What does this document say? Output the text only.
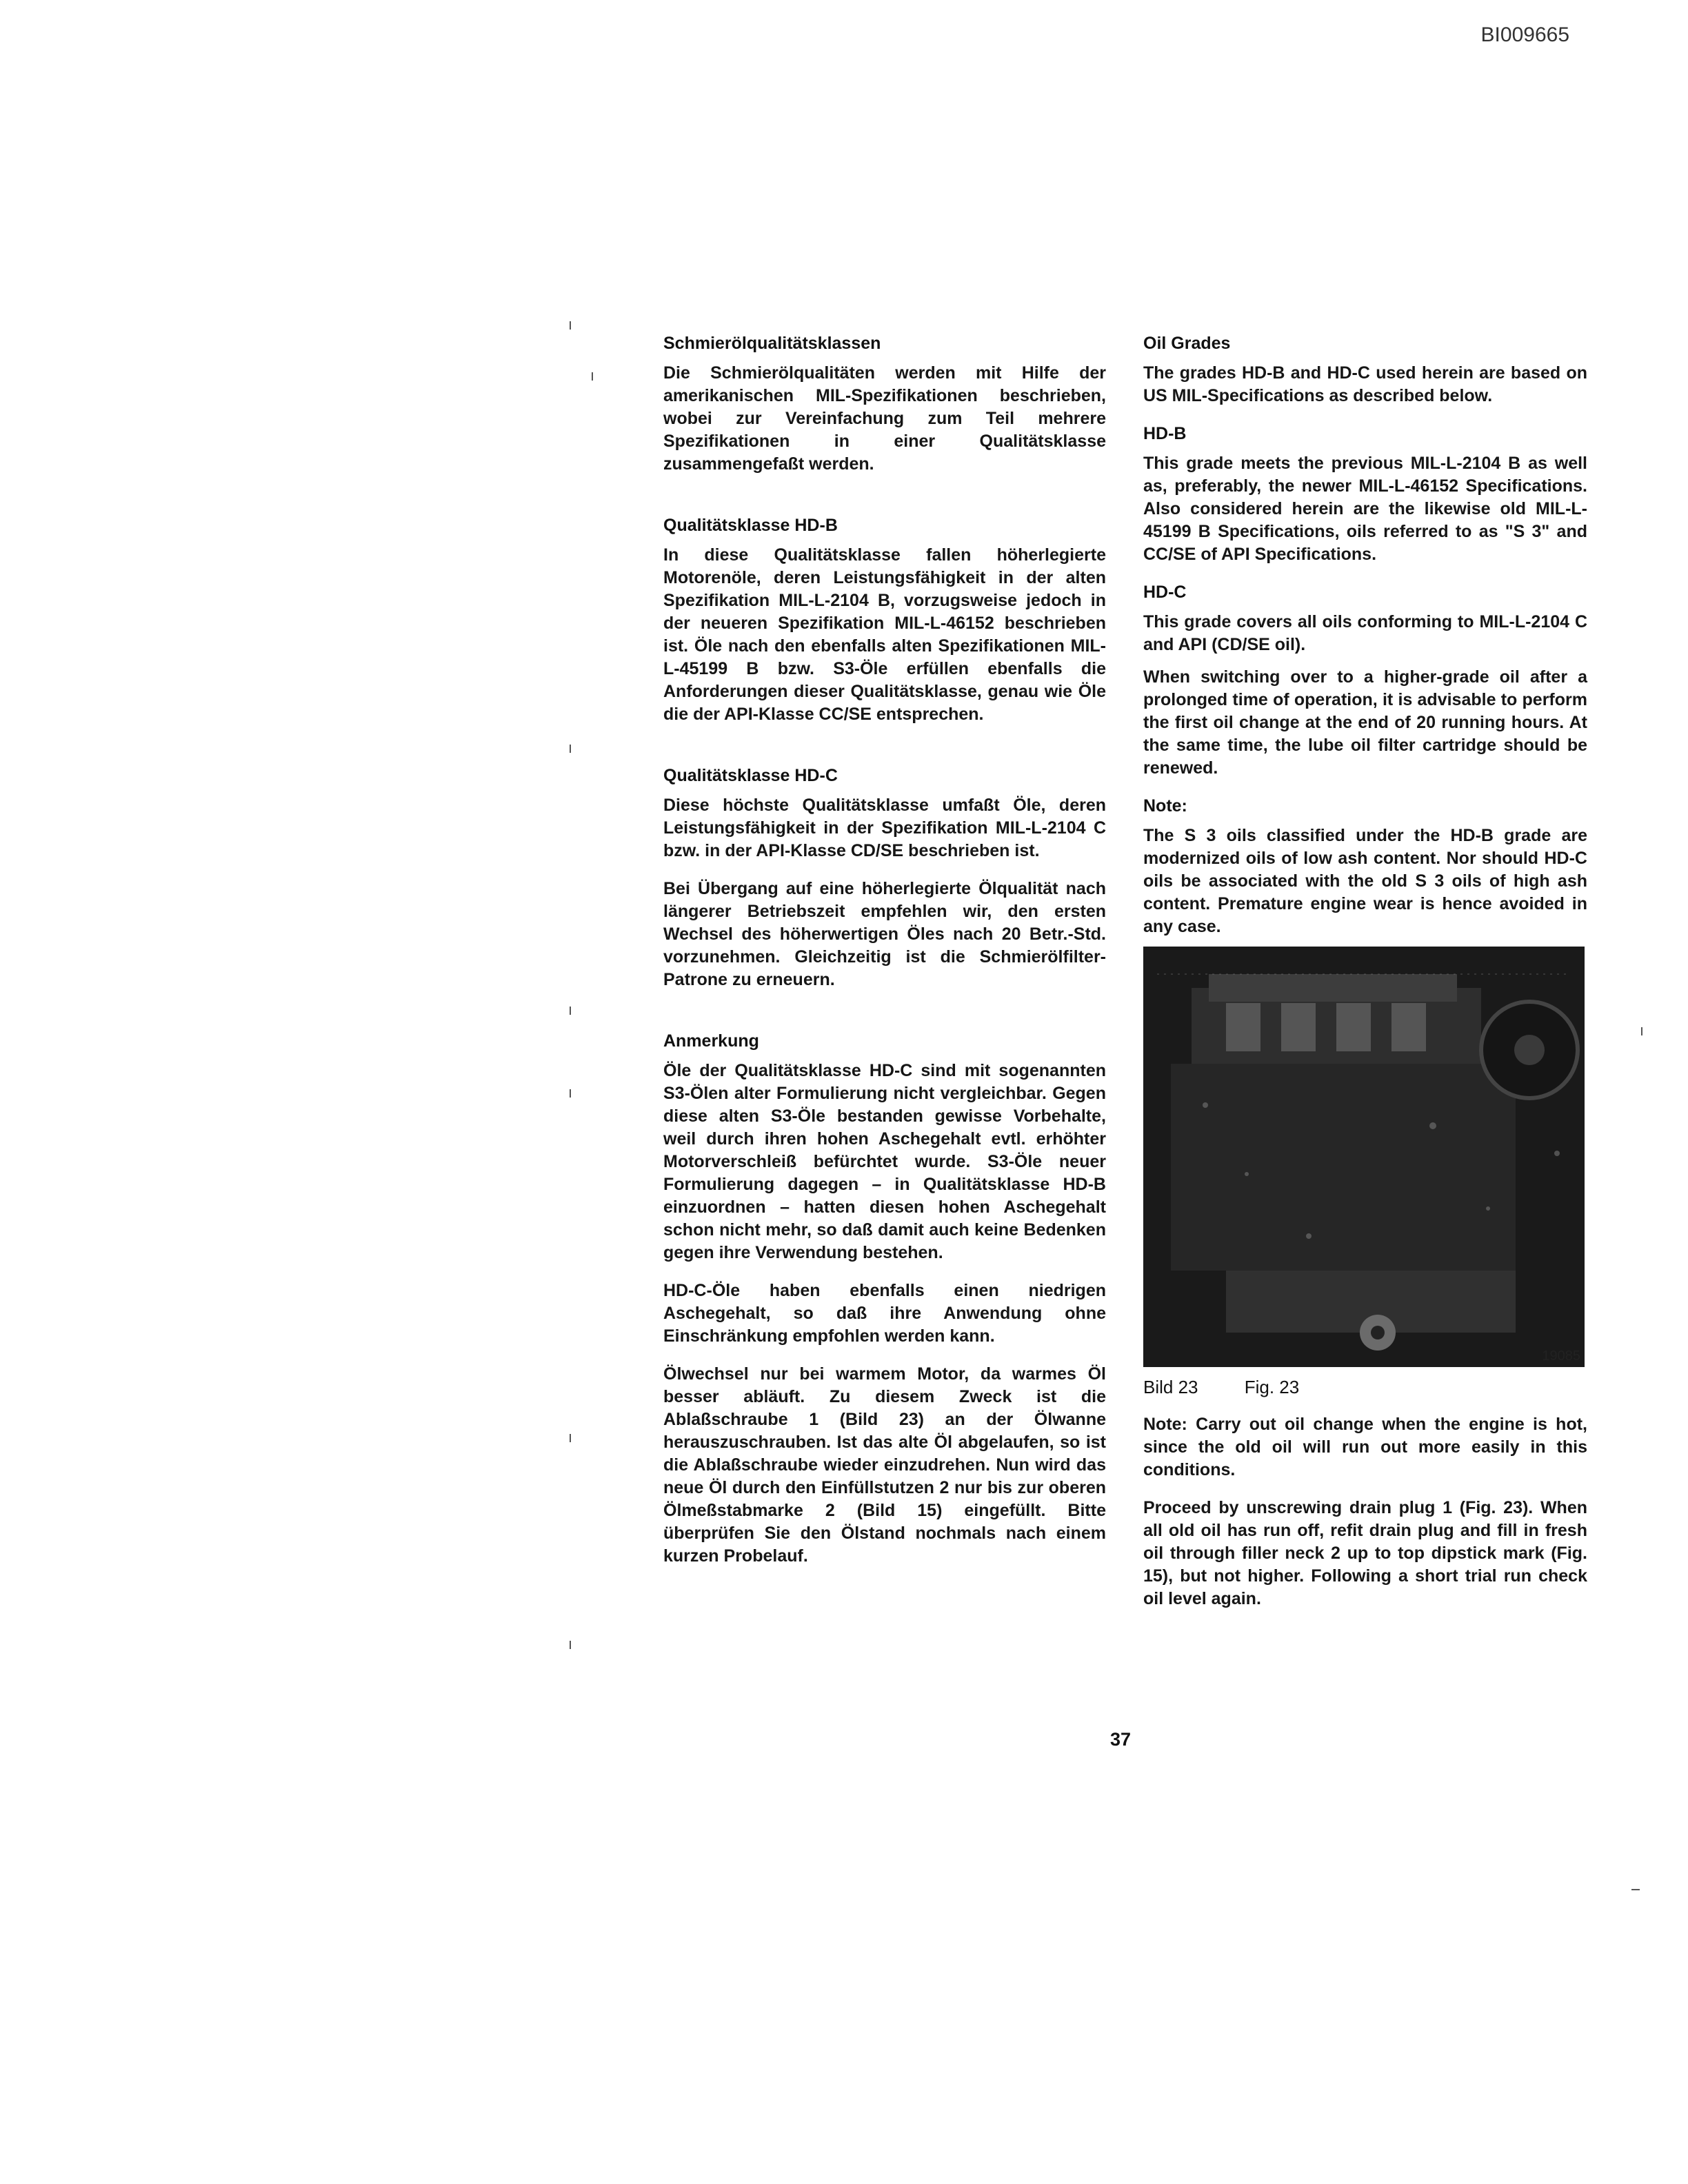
BI009665
Schmierölqualitätsklassen

Die Schmierölqualitäten werden mit Hilfe der amerikanischen MIL-Spezifikationen beschrieben, wobei zur Vereinfachung zum Teil mehrere Spezifikationen in einer Qualitätsklasse zusammengefaßt werden.

Qualitätsklasse HD-B

In diese Qualitätsklasse fallen höherlegierte Motorenöle, deren Leistungsfähigkeit in der alten Spezifikation MIL-L-2104 B, vorzugsweise jedoch in der neueren Spezifikation MIL-L-46152 beschrieben ist. Öle nach den ebenfalls alten Spezifikationen MIL-L-45199 B bzw. S3-Öle erfüllen ebenfalls die Anforderungen dieser Qualitätsklasse, genau wie Öle die der API-Klasse CC/SE entsprechen.

Qualitätsklasse HD-C

Diese höchste Qualitätsklasse umfaßt Öle, deren Leistungsfähigkeit in der Spezifikation MIL-L-2104 C bzw. in der API-Klasse CD/SE beschrieben ist.

Bei Übergang auf eine höherlegierte Ölqualität nach längerer Betriebszeit empfehlen wir, den ersten Wechsel des höherwertigen Öles nach 20 Betr.-Std. vorzunehmen. Gleichzeitig ist die Schmierölfilter-Patrone zu erneuern.

Anmerkung

Öle der Qualitätsklasse HD-C sind mit sogenannten S3-Ölen alter Formulierung nicht vergleichbar. Gegen diese alten S3-Öle bestanden gewisse Vorbehalte, weil durch ihren hohen Aschegehalt evtl. erhöhter Motorverschleiß befürchtet wurde. S3-Öle neuer Formulierung dagegen – in Qualitätsklasse HD-B einzuordnen – hatten diesen hohen Aschegehalt schon nicht mehr, so daß damit auch keine Bedenken gegen ihre Verwendung bestehen.

HD-C-Öle haben ebenfalls einen niedrigen Aschegehalt, so daß ihre Anwendung ohne Einschränkung empfohlen werden kann.

Ölwechsel nur bei warmem Motor, da warmes Öl besser abläuft. Zu diesem Zweck ist die Ablaßschraube 1 (Bild 23) an der Ölwanne herauszuschrauben. Ist das alte Öl abgelaufen, so ist die Ablaßschraube wieder einzudrehen. Nun wird das neue Öl durch den Einfüllstutzen 2 nur bis zur oberen Ölmeßstabmarke 2 (Bild 15) eingefüllt. Bitte überprüfen Sie den Ölstand nochmals nach einem kurzen Probelauf.

Oil Grades

The grades HD-B and HD-C used herein are based on US MIL-Specifications as described below.

HD-B

This grade meets the previous MIL-L-2104 B as well as, preferably, the newer MIL-L-46152 Specifications. Also considered herein are the likewise old MIL-L-45199 B Specifications, oils referred to as "S 3" and CC/SE of API Specifications.

HD-C

This grade covers all oils conforming to MIL-L-2104 C and API (CD/SE oil).

When switching over to a higher-grade oil after a prolonged time of operation, it is advisable to perform the first oil change at the end of 20 running hours. At the same time, the lube oil filter cartridge should be renewed.

Note:

The S 3 oils classified under the HD-B grade are modernized oils of low ash content. Nor should HD-C oils be associated with the old S 3 oils of high ash content. Premature engine wear is hence avoided in any case.

19085
Bild 23	Fig. 23

Note: Carry out oil change when the engine is hot, since the old oil will run out more easily in this conditions.

Proceed by unscrewing drain plug 1 (Fig. 23). When all old oil has run off, refit drain plug and fill in fresh oil through filler neck 2 up to top dipstick mark (Fig. 15), but not higher. Following a short trial run check oil level again.

37
